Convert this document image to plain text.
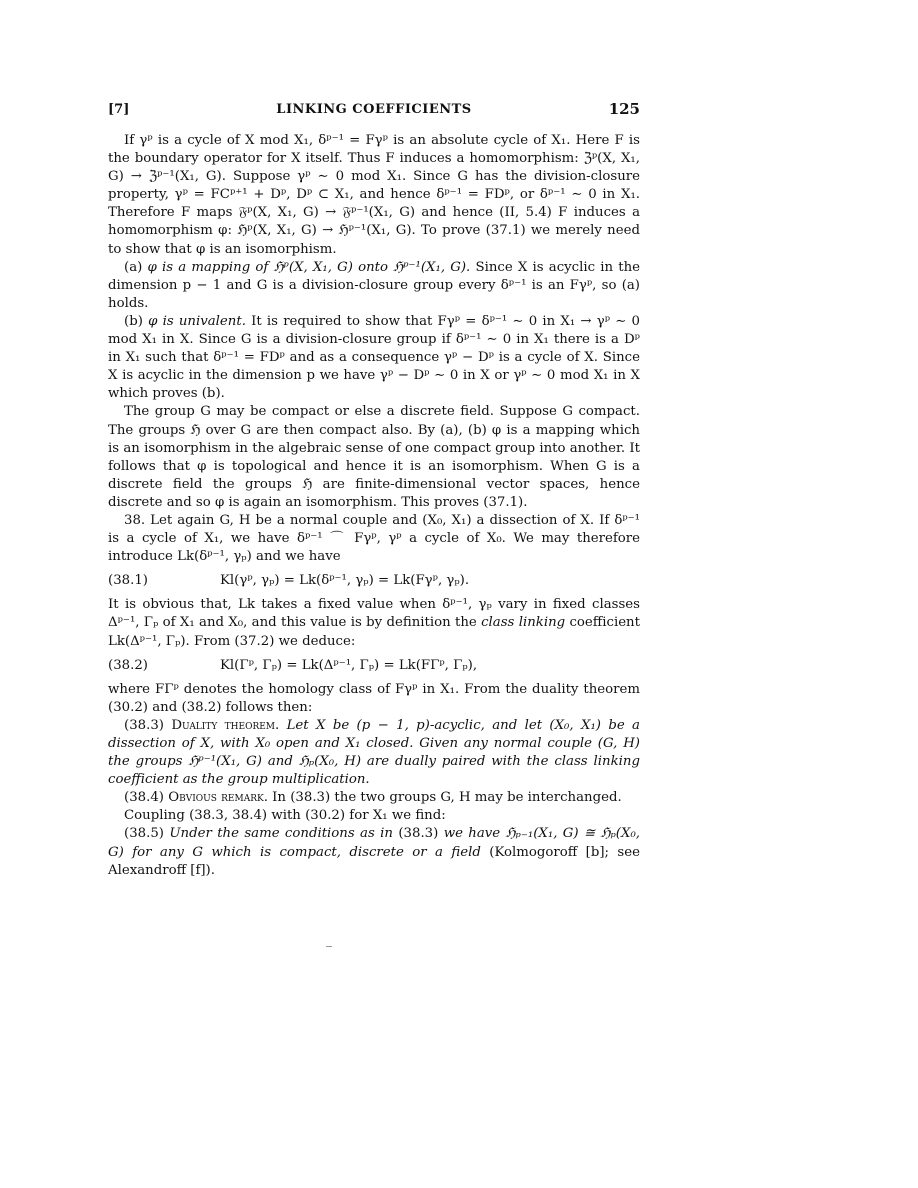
[7]	LINKING COEFFICIENTS	125

If γᵖ is a cycle of X mod X₁, δᵖ⁻¹ = Fγᵖ is an absolute cycle of X₁. Here F is the boundary operator for X itself. Thus F induces a homomorphism: ℨᵖ(X, X₁, G) → ℨᵖ⁻¹(X₁, G). Suppose γᵖ ∼ 0 mod X₁. Since G has the division-closure property, γᵖ = FCᵖ⁺¹ + Dᵖ, Dᵖ ⊂ X₁, and hence δᵖ⁻¹ = FDᵖ, or δᵖ⁻¹ ∼ 0 in X₁. Therefore F maps 𝔉ᵖ(X, X₁, G) → 𝔉ᵖ⁻¹(X₁, G) and hence (II, 5.4) F induces a homomorphism φ: ℌᵖ(X, X₁, G) → ℌᵖ⁻¹(X₁, G). To prove (37.1) we merely need to show that φ is an isomorphism.

(a) φ is a mapping of ℌᵖ(X, X₁, G) onto ℌᵖ⁻¹(X₁, G). Since X is acyclic in the dimension p − 1 and G is a division-closure group every δᵖ⁻¹ is an Fγᵖ, so (a) holds.

(b) φ is univalent. It is required to show that Fγᵖ = δᵖ⁻¹ ∼ 0 in X₁ → γᵖ ∼ 0 mod X₁ in X. Since G is a division-closure group if δᵖ⁻¹ ∼ 0 in X₁ there is a Dᵖ in X₁ such that δᵖ⁻¹ = FDᵖ and as a consequence γᵖ − Dᵖ is a cycle of X. Since X is acyclic in the dimension p we have γᵖ − Dᵖ ∼ 0 in X or γᵖ ∼ 0 mod X₁ in X which proves (b).

The group G may be compact or else a discrete field. Suppose G compact. The groups ℌ over G are then compact also. By (a), (b) φ is a mapping which is an isomorphism in the algebraic sense of one compact group into another. It follows that φ is topological and hence it is an isomorphism. When G is a discrete field the groups ℌ are finite-dimensional vector spaces, hence discrete and so φ is again an isomorphism. This proves (37.1).

38. Let again G, H be a normal couple and (X₀, X₁) a dissection of X. If δᵖ⁻¹ is a cycle of X₁, we have δᵖ⁻¹ ⌒ Fγᵖ, γᵖ a cycle of X₀. We may therefore introduce Lk(δᵖ⁻¹, γₚ) and we have

(38.1)	Kl(γᵖ, γₚ) = Lk(δᵖ⁻¹, γₚ) = Lk(Fγᵖ, γₚ).

It is obvious that, Lk takes a fixed value when δᵖ⁻¹, γₚ vary in fixed classes Δᵖ⁻¹, Γₚ of X₁ and X₀, and this value is by definition the class linking coefficient Lk(Δᵖ⁻¹, Γₚ). From (37.2) we deduce:

(38.2)	Kl(Γᵖ, Γₚ) = Lk(Δᵖ⁻¹, Γₚ) = Lk(FΓᵖ, Γₚ),

where FΓᵖ denotes the homology class of Fγᵖ in X₁. From the duality theorem (30.2) and (38.2) follows then:

(38.3) Duality theorem. Let X be (p − 1, p)-acyclic, and let (X₀, X₁) be a dissection of X, with X₀ open and X₁ closed. Given any normal couple (G, H) the groups ℌᵖ⁻¹(X₁, G) and ℌₚ(X₀, H) are dually paired with the class linking coefficient as the group multiplication.

(38.4) Obvious remark. In (38.3) the two groups G, H may be interchanged.

Coupling (38.3, 38.4) with (30.2) for X₁ we find:

(38.5) Under the same conditions as in (38.3) we have ℌₚ₋₁(X₁, G) ≅ ℌₚ(X₀, G) for any G which is compact, discrete or a field (Kolmogoroff [b]; see Alexandroff [f]).
